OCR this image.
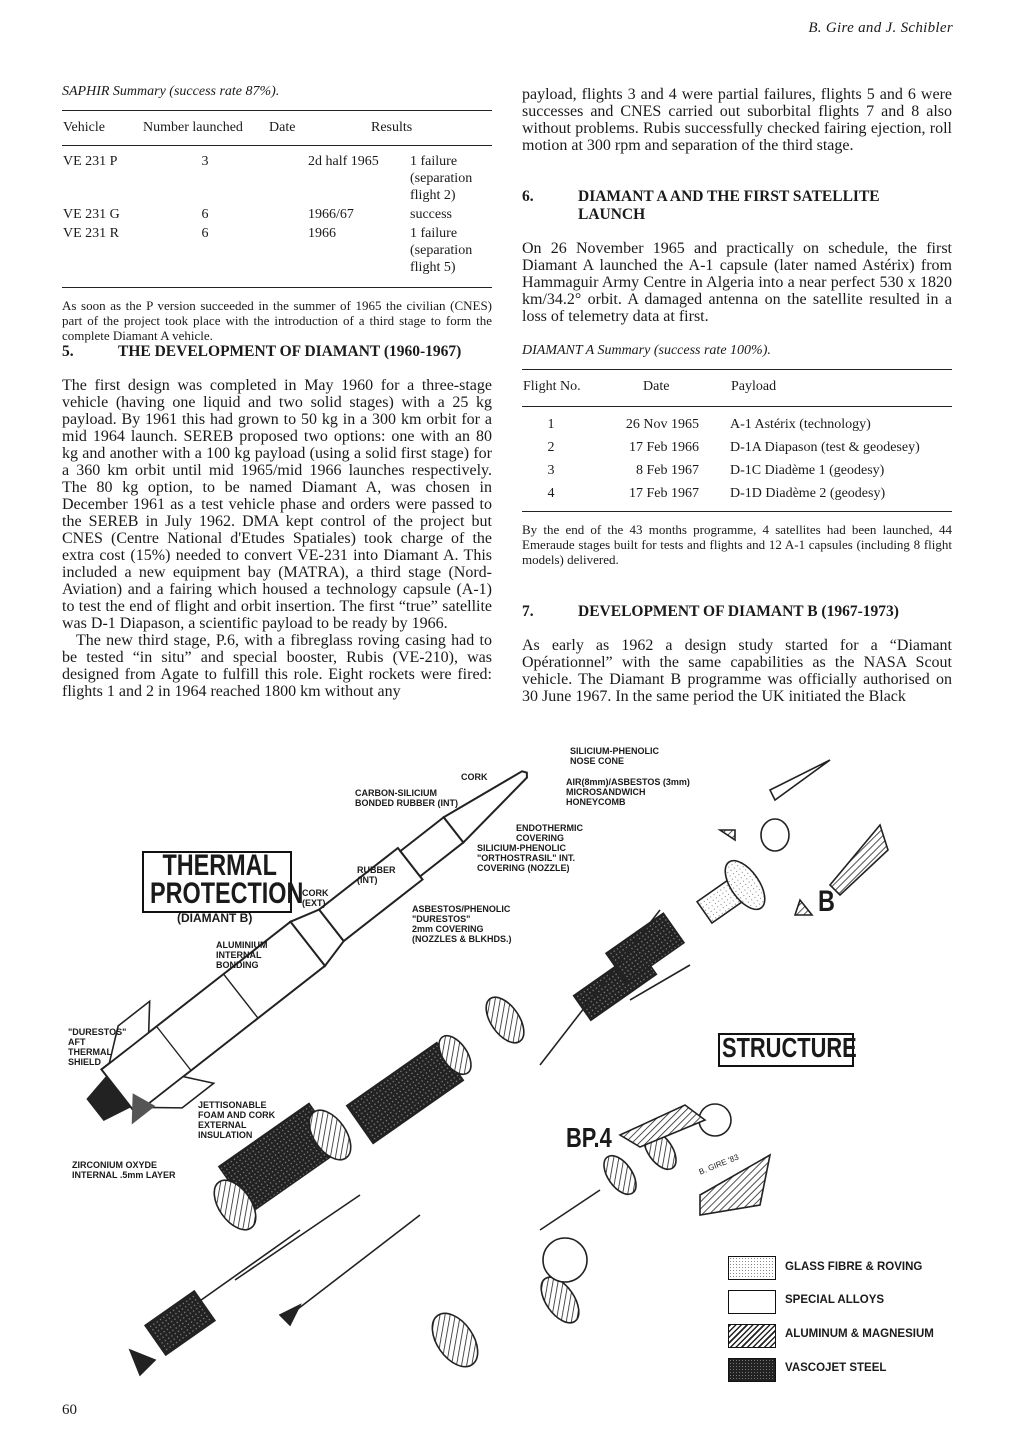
B. Gire and J. Schibler
SAPHIR Summary (success rate 87%).
Vehicle	Number launched	Date	Results
VE 231 P	3	2d half 1965	1 failure
(separation flight 2)

VE 231 G	6	1966/67	success
VE 231 R	6	1966	1 failure
(separation flight 5)
As soon as the P version succeeded in the summer of 1965 the civilian (CNES) part of the project took place with the introduction of a third stage to form the complete Diamant A vehicle.
5.	THE DEVELOPMENT OF DIAMANT (1960-1967)
The first design was completed in May 1960 for a three-stage vehicle (having one liquid and two solid stages) with a 25 kg payload. By 1961 this had grown to 50 kg in a 300 km orbit for a mid 1964 launch. SEREB proposed two options: one with an 80 kg and another with a 100 kg payload (using a solid first stage) for a 360 km orbit until mid 1965/mid 1966 launches respectively. The 80 kg option, to be named Diamant A, was chosen in December 1961 as a test vehicle phase and orders were passed to the SEREB in July 1962. DMA kept control of the project but CNES (Centre National d'Etudes Spatiales) took charge of the extra cost (15%) needed to convert VE-231 into Diamant A. This included a new equipment bay (MATRA), a third stage (Nord-Aviation) and a fairing which housed a technology capsule (A-1) to test the end of flight and orbit insertion. The first “true” satellite was D-1 Diapason, a scientific payload to be ready by 1966.
The new third stage, P.6, with a fibreglass roving casing had to be tested “in situ” and special booster, Rubis (VE-210), was designed from Agate to fulfill this role. Eight rockets were fired: flights 1 and 2 in 1964 reached 1800 km without any
payload, flights 3 and 4 were partial failures, flights 5 and 6 were successes and CNES carried out suborbital flights 7 and 8 also without problems. Rubis successfully checked fairing ejection, roll motion at 300 rpm and separation of the third stage.
6.	DIAMANT A AND THE FIRST SATELLITE
LAUNCH
On 26 November 1965 and practically on schedule, the first Diamant A launched the A-1 capsule (later named Astérix) from Hammaguir Army Centre in Algeria into a near perfect 530 x 1820 km/34.2° orbit. A damaged antenna on the satellite resulted in a loss of telemetry data at first.
DIAMANT A Summary (success rate 100%).
Flight No.	Date	Payload
1	26 Nov 1965	A-1 Astérix (technology)
2	17 Feb 1966	D-1A Diapason (test & geodesey)
3	8 Feb 1967	D-1C Diadème 1 (geodesy)
4	17 Feb 1967	D-1D Diadème 2 (geodesy)
By the end of the 43 months programme, 4 satellites had been launched, 44 Emeraude stages built for tests and flights and 12 A-1 capsules (including 8 flight models) delivered.
7.	DEVELOPMENT OF DIAMANT B (1967-1973)
As early as 1962 a design study started for a “Diamant Opérationnel” with the same capabilities as the NASA Scout vehicle. The Diamant B programme was officially authorised on 30 June 1967. In the same period the UK initiated the Black
THERMAL
PROTECTION
(DIAMANT B)
STRUCTURE
B
BP.4
B. GIRE '83
SILICIUM-PHENOLIC
NOSE CONE
CORK
CARBON-SILICIUM
BONDED RUBBER (INT)
AIR(8mm)/ASBESTOS (3mm)
MICROSANDWICH
HONEYCOMB
ENDOTHERMIC
COVERING
SILICIUM-PHENOLIC
"ORTHOSTRASIL" INT.
COVERING (NOZZLE)
RUBBER
(INT)
CORK
(EXT)
ASBESTOS/PHENOLIC
"DURESTOS"
2mm COVERING
(NOZZLES & BLKHDS.)
ALUMINIUM
INTERNAL
BONDING
"DURESTOS"
AFT
THERMAL
SHIELD
JETTISONABLE
FOAM AND CORK
EXTERNAL
INSULATION
ZIRCONIUM OXYDE
INTERNAL .5mm LAYER
GLASS FIBRE & ROVING
SPECIAL ALLOYS
ALUMINUM & MAGNESIUM
VASCOJET STEEL
60
